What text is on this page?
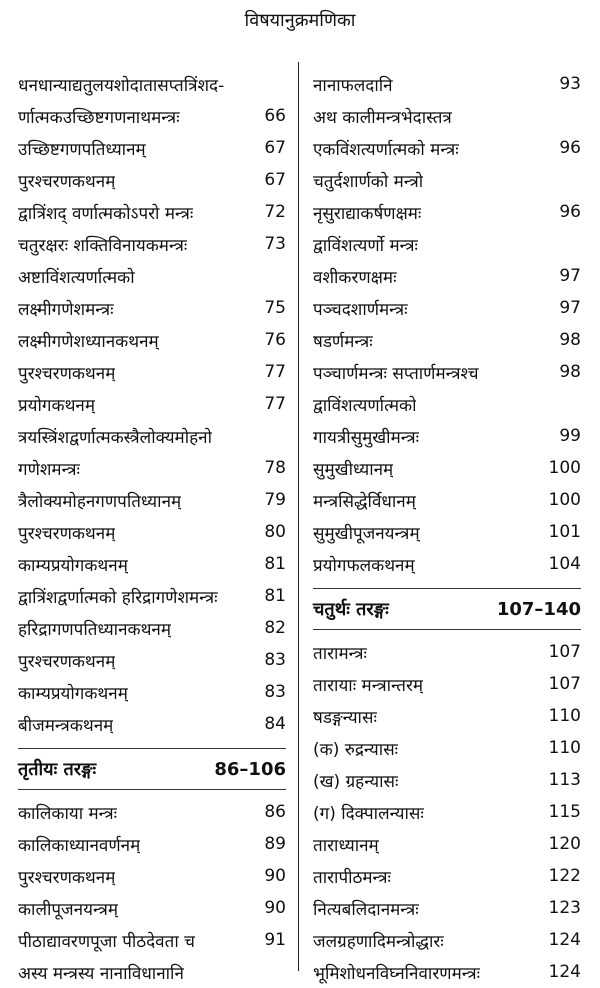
विषयानुक्रमणिका
धनधान्याद्यतुलयशोदातासप्तत्रिंशद-
र्णात्मकउच्छिष्टगणनाथमन्त्रः	66
उच्छिष्टगणपतिध्यानम्	67
पुरश्चरणकथनम्	67
द्वात्रिंशद् वर्णात्मकोऽपरो मन्त्रः	72
चतुरक्षरः शक्तिविनायकमन्त्रः	73
अष्टाविंशत्यर्णात्मको
लक्ष्मीगणेशमन्त्रः	75
लक्ष्मीगणेशध्यानकथनम्	76
पुरश्चरणकथनम्	77
प्रयोगकथनम्	77
त्रयस्त्रिंशद्वर्णात्मकस्त्रैलोक्यमोहनो
गणेशमन्त्रः	78
त्रैलोक्यमोहनगणपतिध्यानम्	79
पुरश्चरणकथनम्	80
काम्यप्रयोगकथनम्	81
द्वात्रिंशद्वर्णात्मको हरिद्रागणेशमन्त्रः	81
हरिद्रागणपतिध्यानकथनम्	82
पुरश्चरणकथनम्	83
काम्यप्रयोगकथनम्	83
बीजमन्त्रकथनम्	84
तृतीयः तरङ्गः	86–106
कालिकाया मन्त्रः	86
कालिकाध्यानवर्णनम्	89
पुरश्चरणकथनम्	90
कालीपूजनयन्त्रम्	90
पीठाद्यावरणपूजा पीठदेवता च	91
अस्य मन्त्रस्य नानाविधानानि
नानाफलदानि	93
अथ कालीमन्त्रभेदास्तत्र
एकविंशत्यर्णात्मको मन्त्रः	96
चतुर्दशार्णको मन्त्रो
नृसुराद्याकर्षणक्षमः	96
द्वाविंशत्यर्णो मन्त्रः
वशीकरणक्षमः	97
पञ्चदशार्णमन्त्रः	97
षडर्णमन्त्रः	98
पञ्चार्णमन्त्रः सप्तार्णमन्त्रश्च	98
द्वाविंशत्यर्णात्मको
गायत्रीसुमुखीमन्त्रः	99
सुमुखीध्यानम्	100
मन्त्रसिद्धेर्विधानम्	100
सुमुखीपूजनयन्त्रम्	101
प्रयोगफलकथनम्	104
चतुर्थः तरङ्गः	107–140
तारामन्त्रः	107
तारायाः मन्त्रान्तरम्	107
षडङ्गन्यासः	110
(क) रुद्रन्यासः	110
(ख) ग्रहन्यासः	113
(ग) दिक्पालन्यासः	115
ताराध्यानम्	120
तारापीठमन्त्रः	122
नित्यबलिदानमन्त्रः	123
जलग्रहणादिमन्त्रोद्धारः	124
भूमिशोधनविघ्ननिवारणमन्त्रः	124
